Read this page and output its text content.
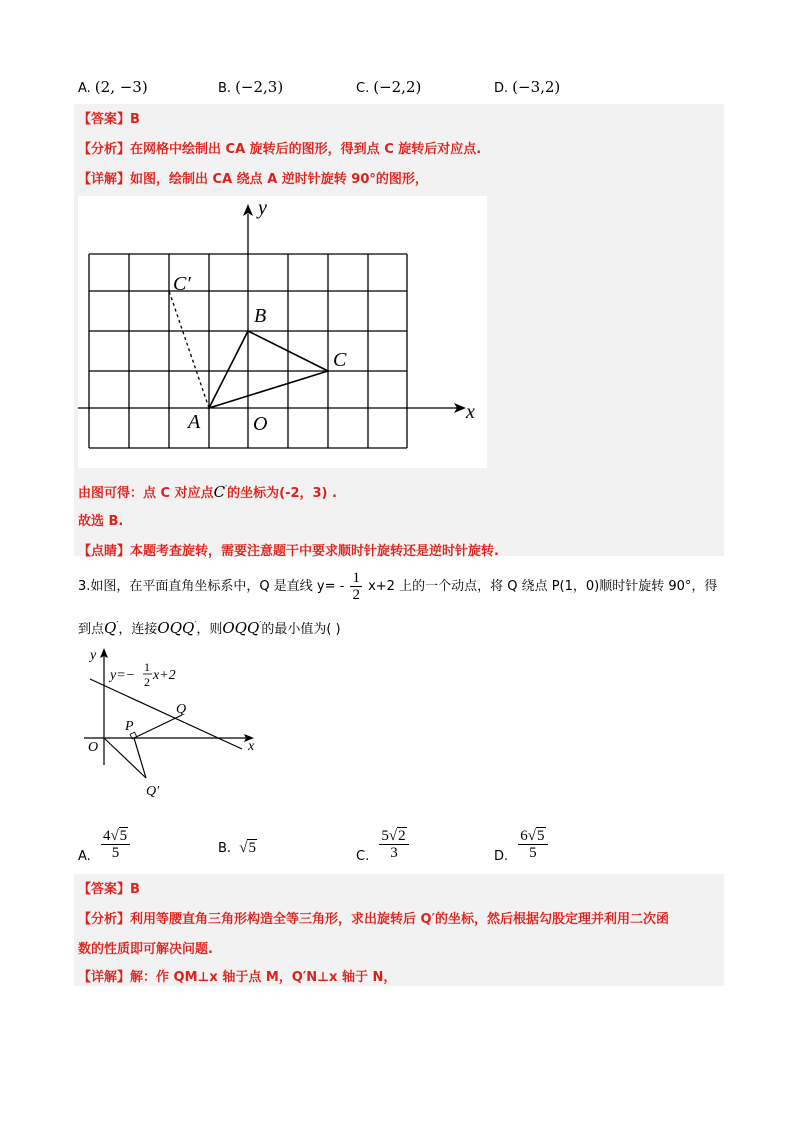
A. (2, −3)	B. (−2,3)	C. (−2,2)	D. (−3,2)
【答案】B
【分析】在网格中绘制出 CA 旋转后的图形，得到点 C 旋转后对应点.
【详解】如图，绘制出 CA 绕点 A 逆时针旋转 90°的图形，
y
x
C′
B
C
A	O
由图可得：点 C 对应点C′的坐标为(-2，3) .
故选 B.
【点睛】本题考查旋转，需要注意题干中要求顺时针旋转还是逆时针旋转.
3.如图，在平面直角坐标系中，Q 是直线 $y= - \frac{1}{2} x+2$ 上的一个动点，将 Q 绕点 P(1，0)顺时针旋转 90°，得
到点Q′，连接OQQ′，则OQQ′的最小值为( )
y
y=−
1
2 x+2
Q
P
O	x
Q′
A. $\frac{4√5}{5}$	B. √5
C. $\frac{5√2}{3}$	D. $\frac{6√5}{5}$
【答案】B
【分析】利用等腰直角三角形构造全等三角形，求出旋转后 Q′的坐标，然后根据勾股定理并利用二次函
数的性质即可解决问题.
【详解】解：作 QM⊥x 轴于点 M，Q′N⊥x 轴于 N，
